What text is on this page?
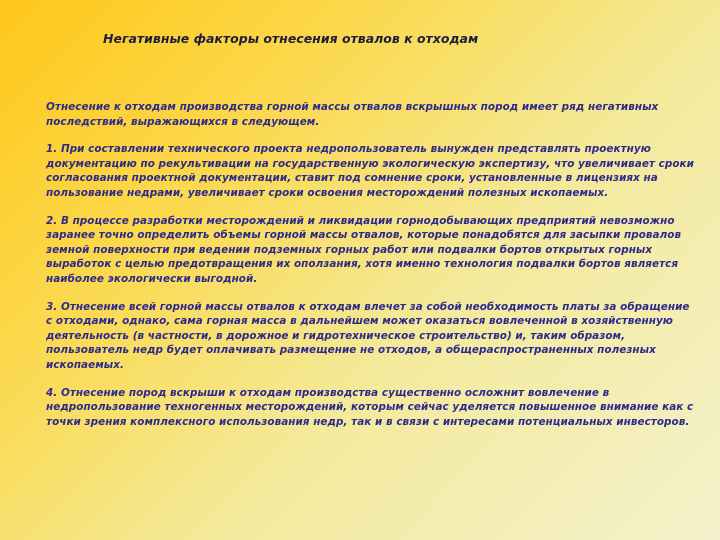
Негативные факторы отнесения отвалов к отходам

Отнесение к отходам производства горной массы отвалов вскрышных пород имеет ряд негативных последствий, выражающихся в следующем.

1. При составлении технического проекта недропользователь вынужден представлять проектную документацию по рекультивации на государственную экологическую экспертизу, что увеличивает сроки согласования проектной документации, ставит под сомнение сроки, установленные в лицензиях на пользование недрами, увеличивает сроки освоения месторождений полезных ископаемых.

2. В процессе разработки месторождений и ликвидации горнодобывающих предприятий невозможно заранее точно определить объемы горной массы отвалов, которые понадобятся для засыпки провалов земной поверхности при ведении подземных горных работ или подвалки бортов открытых горных выработок с целью предотвращения их оползания, хотя именно технология подвалки бортов является наиболее экологически выгодной.

3. Отнесение всей горной массы отвалов к отходам влечет за собой необходимость платы за обращение с отходами, однако, сама горная масса в дальнейшем может оказаться вовлеченной в хозяйственную деятельность (в частности, в дорожное и гидротехническое строительство) и, таким образом, пользователь недр будет оплачивать размещение не отходов, а общераспространенных полезных ископаемых.

4. Отнесение пород вскрыши к отходам производства существенно осложнит вовлечение в недропользование техногенных месторождений, которым сейчас уделяется повышенное внимание как с точки зрения комплексного использования недр, так и в связи с интересами потенциальных инвесторов.
